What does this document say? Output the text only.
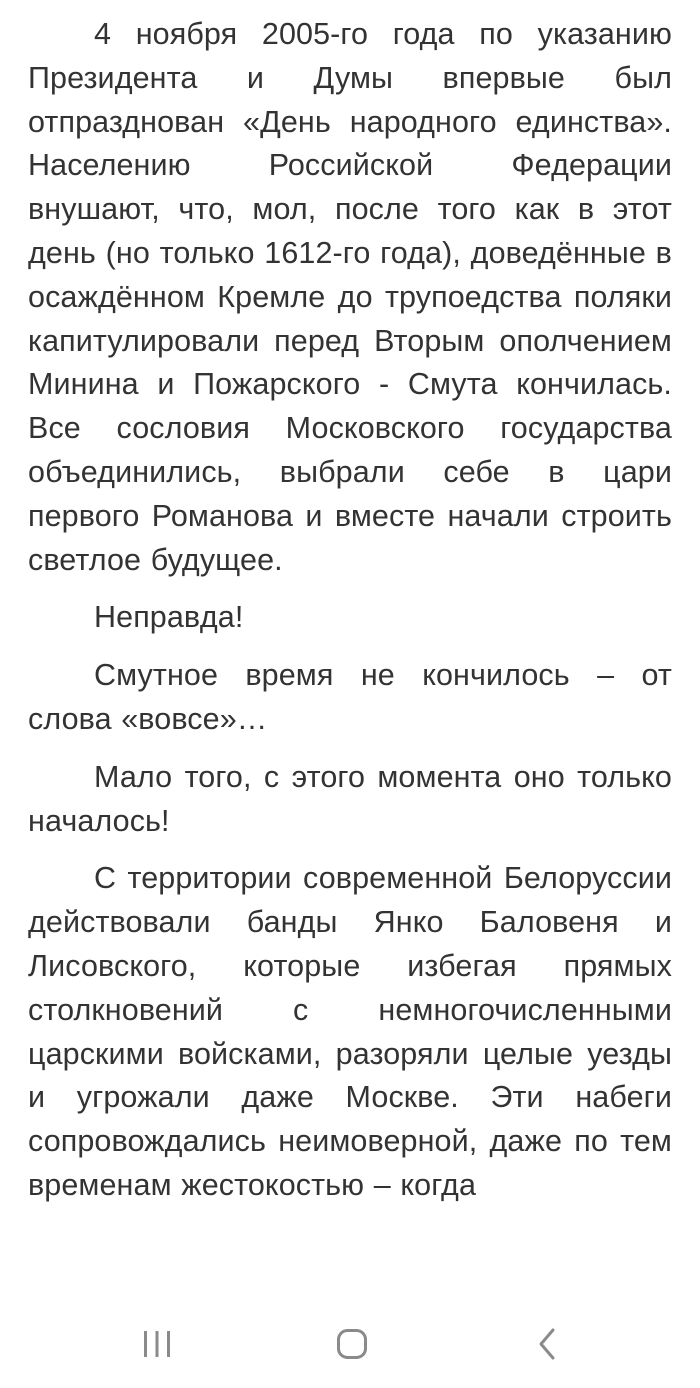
4 ноября 2005-го года по указанию Президента и Думы впервые был отпразднован «День народного единства». Населению Российской Федерации внушают, что, мол, после того как в этот день (но только 1612-го года), доведённые в осаждённом Кремле до трупоедства поляки капитулировали перед Вторым ополчением Минина и Пожарского - Смута кончилась. Все сословия Московского государства объединились, выбрали себе в цари первого Романова и вместе начали строить светлое будущее.

Неправда!

Смутное время не кончилось – от слова «вовсе»…

Мало того, с этого момента оно только началось!

С территории современной Белоруссии действовали банды Янко Баловеня и Лисовского, которые избегая прямых столкновений с немногочисленными царскими войсками, разоряли целые уезды и угрожали даже Москве. Эти набеги сопровождались неимоверной, даже по тем временам жестокостью – когда
